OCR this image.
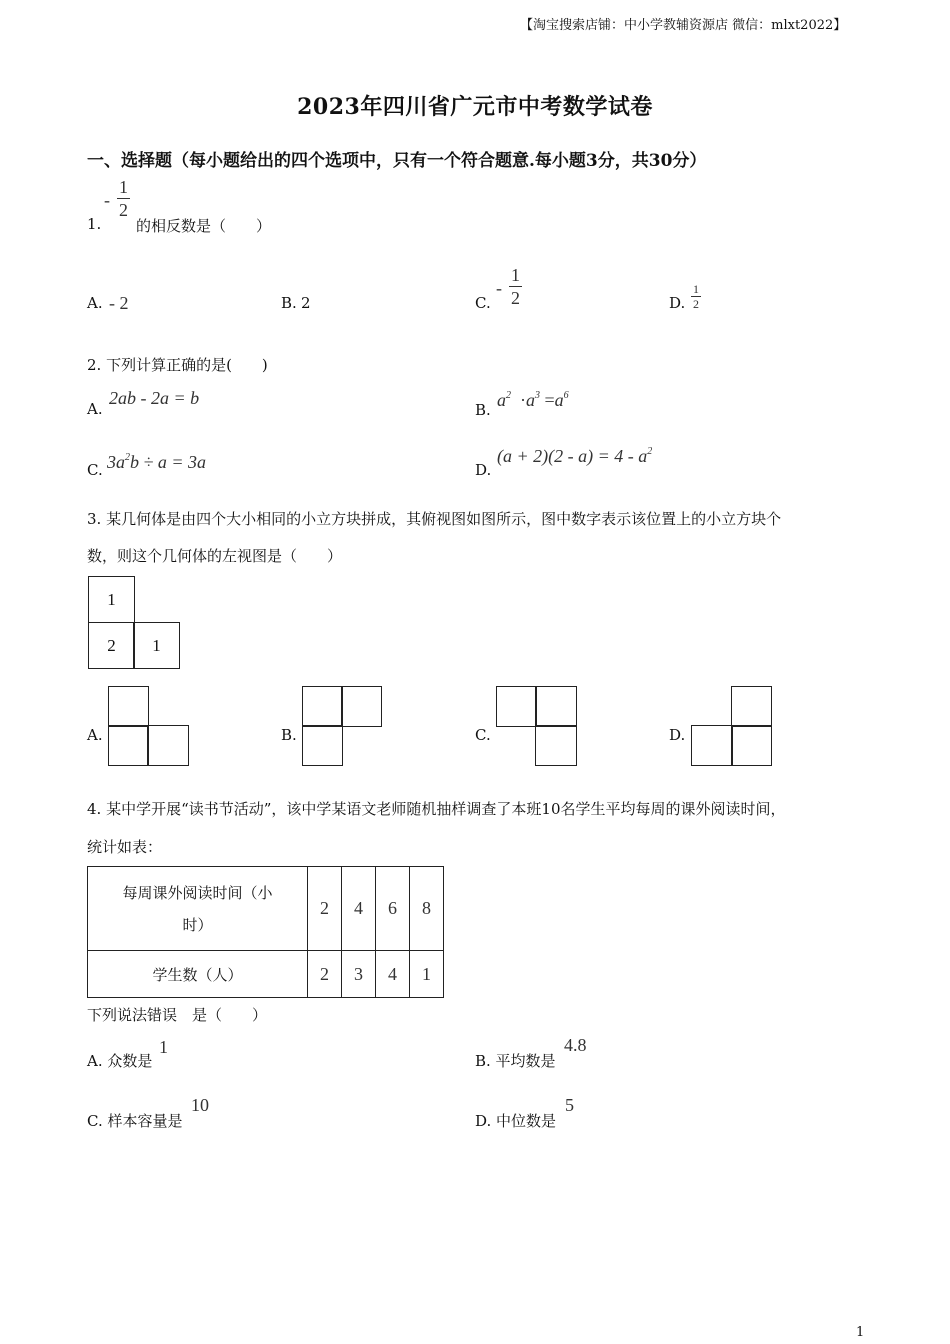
【淘宝搜索店铺：中小学教辅资源店 微信：mlxt2022】
2023年四川省广元市中考数学试卷
一、选择题（每小题给出的四个选项中，只有一个符合题意.每小题3分，共30分）
1.
- $\frac{1}{2}$
的相反数是（　　）
A. - 2	B. 2	C.
- $\frac{1}{2}$	D. $\frac{1}{2}$
2. 下列计算正确的是(　　)
A.
2ab - 2a = b
B. $a^2 \cdot a^3 =a^6$
C. $3a^2b \div a = 3a$	D.
$(a + 2)(2 - a) = 4 - a^2$
3. 某几何体是由四个大小相同的小立方块拼成，其俯视图如图所示，图中数字表示该位置上的小立方块个
数，则这个几何体的左视图是（　　）
1
2	1
A.	B.	C.	D.
4. 某中学开展“读书节活动”，该中学某语文老师随机抽样调查了本班10名学生平均每周的课外阅读时间，
统计如表：
每周课外阅读时间（小
时）	2	4	6	8
学生数（人）	2	3	4	1
下列说法错误　是（　　）
A. 众数是
1
B. 平均数是
4.8
C. 样本容量是
10
D. 中位数是
5
1
